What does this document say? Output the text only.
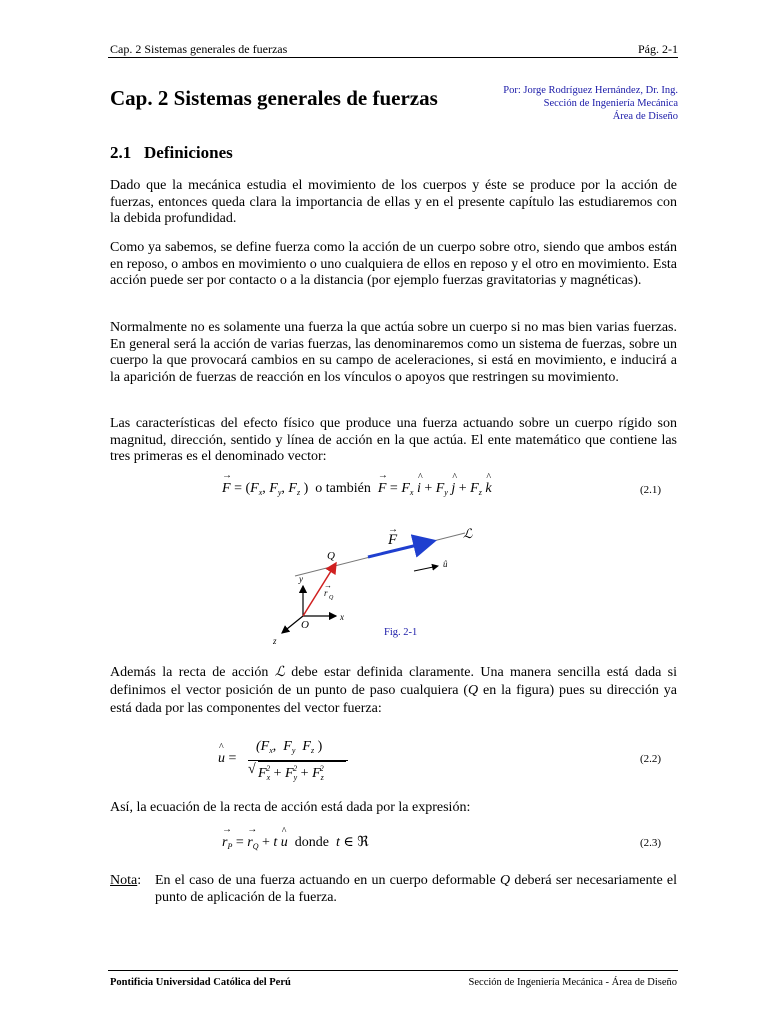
Cap. 2 Sistemas generales de fuerzas	Pág. 2-1
Cap. 2 Sistemas generales de fuerzas	Por: Jorge Rodríguez Hernández, Dr. Ing.
Sección de Ingeniería Mecánica
Área de Diseño
2.1 Definiciones
Dado que la mecánica estudia el movimiento de los cuerpos y éste se produce por la acción de fuerzas, entonces queda clara la importancia de ellas y en el presente capítulo las estudiaremos con la debida profundidad.
Como ya sabemos, se define fuerza como la acción de un cuerpo sobre otro, siendo que ambos están en reposo, o ambos en movimiento o uno cualquiera de ellos en reposo y el otro en movimiento. Esta acción puede ser por contacto o a la distancia (por ejemplo fuerzas gravitatorias y magnéticas).
Normalmente no es solamente una fuerza la que actúa sobre un cuerpo si no mas bien varias fuerzas. En general será la acción de varias fuerzas, las denominaremos como un sistema de fuerzas, sobre un cuerpo la que provocará cambios en su campo de aceleraciones, si está en movimiento, e inducirá a la aparición de fuerzas de reacción en los vínculos o apoyos que restringen su movimiento.
Las características del efecto físico que produce una fuerza actuando sobre un cuerpo rígido son magnitud, dirección, sentido y línea de acción en la que actúa. El ente matemático que contiene las tres primeras es el denominado vector:
→ $F = (F_x$, $F_y$, $F_z$ )  o también → $F = F_x$ ^ $i + F_y$ ^ $j + F_z$ ^ k	(2.1)
F
→	ℒ
Q
y
x
z
O
r
→
Q
û
Fig. 2-1
Además la recta de acción ℒ debe estar definida claramente. Una manera sencilla está dada si definimos el vector posición de un punto de paso cualquiera (Q en la figura) pues su dirección ya está dada por las componentes del vector fuerza:
^ u =
($F_x$,  $F_y$  $F_z$ )
√ $F_x^2 + F_y^2 + F_z^2$
(2.2)
Así, la ecuación de la recta de acción está dada por la expresión:
→ $r_P$ = → $r_Q + t$ ^ u donde t ∈ ℜ	(2.3)
Nota: En el caso de una fuerza actuando en un cuerpo deformable Q deberá ser necesariamente el punto de aplicación de la fuerza.
Pontificia Universidad Católica del Perú	Sección de Ingeniería Mecánica - Área de Diseño
